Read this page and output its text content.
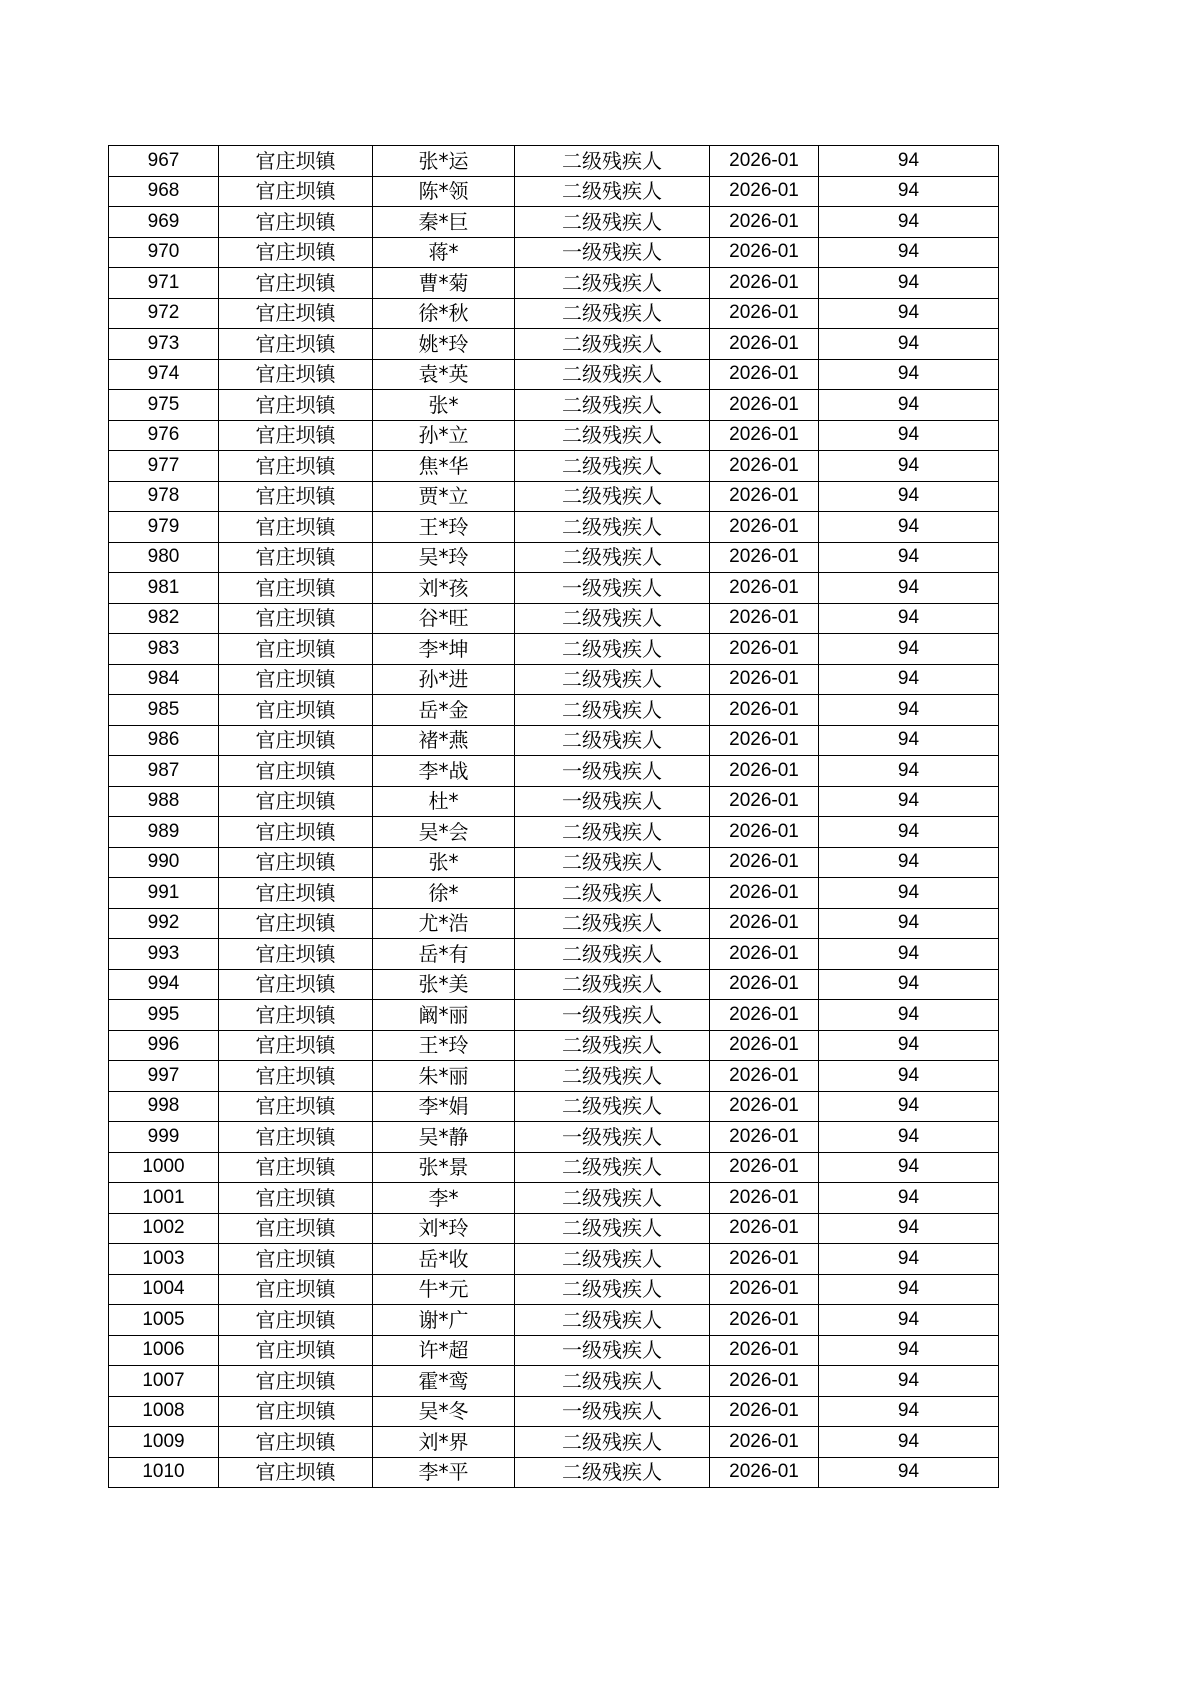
967	官庄坝镇	张*运	二级残疾人	2026-01	94
968	官庄坝镇	陈*领	二级残疾人	2026-01	94
969	官庄坝镇	秦*巨	二级残疾人	2026-01	94
970	官庄坝镇	蒋*	一级残疾人	2026-01	94
971	官庄坝镇	曹*菊	二级残疾人	2026-01	94
972	官庄坝镇	徐*秋	二级残疾人	2026-01	94
973	官庄坝镇	姚*玲	二级残疾人	2026-01	94
974	官庄坝镇	袁*英	二级残疾人	2026-01	94
975	官庄坝镇	张*	二级残疾人	2026-01	94
976	官庄坝镇	孙*立	二级残疾人	2026-01	94
977	官庄坝镇	焦*华	二级残疾人	2026-01	94
978	官庄坝镇	贾*立	二级残疾人	2026-01	94
979	官庄坝镇	王*玲	二级残疾人	2026-01	94
980	官庄坝镇	吴*玲	二级残疾人	2026-01	94
981	官庄坝镇	刘*孩	一级残疾人	2026-01	94
982	官庄坝镇	谷*旺	二级残疾人	2026-01	94
983	官庄坝镇	李*坤	二级残疾人	2026-01	94
984	官庄坝镇	孙*进	二级残疾人	2026-01	94
985	官庄坝镇	岳*金	二级残疾人	2026-01	94
986	官庄坝镇	褚*燕	二级残疾人	2026-01	94
987	官庄坝镇	李*战	一级残疾人	2026-01	94
988	官庄坝镇	杜*	一级残疾人	2026-01	94
989	官庄坝镇	吴*会	二级残疾人	2026-01	94
990	官庄坝镇	张*	二级残疾人	2026-01	94
991	官庄坝镇	徐*	二级残疾人	2026-01	94
992	官庄坝镇	尤*浩	二级残疾人	2026-01	94
993	官庄坝镇	岳*有	二级残疾人	2026-01	94
994	官庄坝镇	张*美	二级残疾人	2026-01	94
995	官庄坝镇	阚*丽	一级残疾人	2026-01	94
996	官庄坝镇	王*玲	二级残疾人	2026-01	94
997	官庄坝镇	朱*丽	二级残疾人	2026-01	94
998	官庄坝镇	李*娟	二级残疾人	2026-01	94
999	官庄坝镇	吴*静	一级残疾人	2026-01	94
1000	官庄坝镇	张*景	二级残疾人	2026-01	94
1001	官庄坝镇	李*	二级残疾人	2026-01	94
1002	官庄坝镇	刘*玲	二级残疾人	2026-01	94
1003	官庄坝镇	岳*收	二级残疾人	2026-01	94
1004	官庄坝镇	牛*元	二级残疾人	2026-01	94
1005	官庄坝镇	谢*广	二级残疾人	2026-01	94
1006	官庄坝镇	许*超	一级残疾人	2026-01	94
1007	官庄坝镇	霍*鸾	二级残疾人	2026-01	94
1008	官庄坝镇	吴*冬	一级残疾人	2026-01	94
1009	官庄坝镇	刘*界	二级残疾人	2026-01	94
1010	官庄坝镇	李*平	二级残疾人	2026-01	94
